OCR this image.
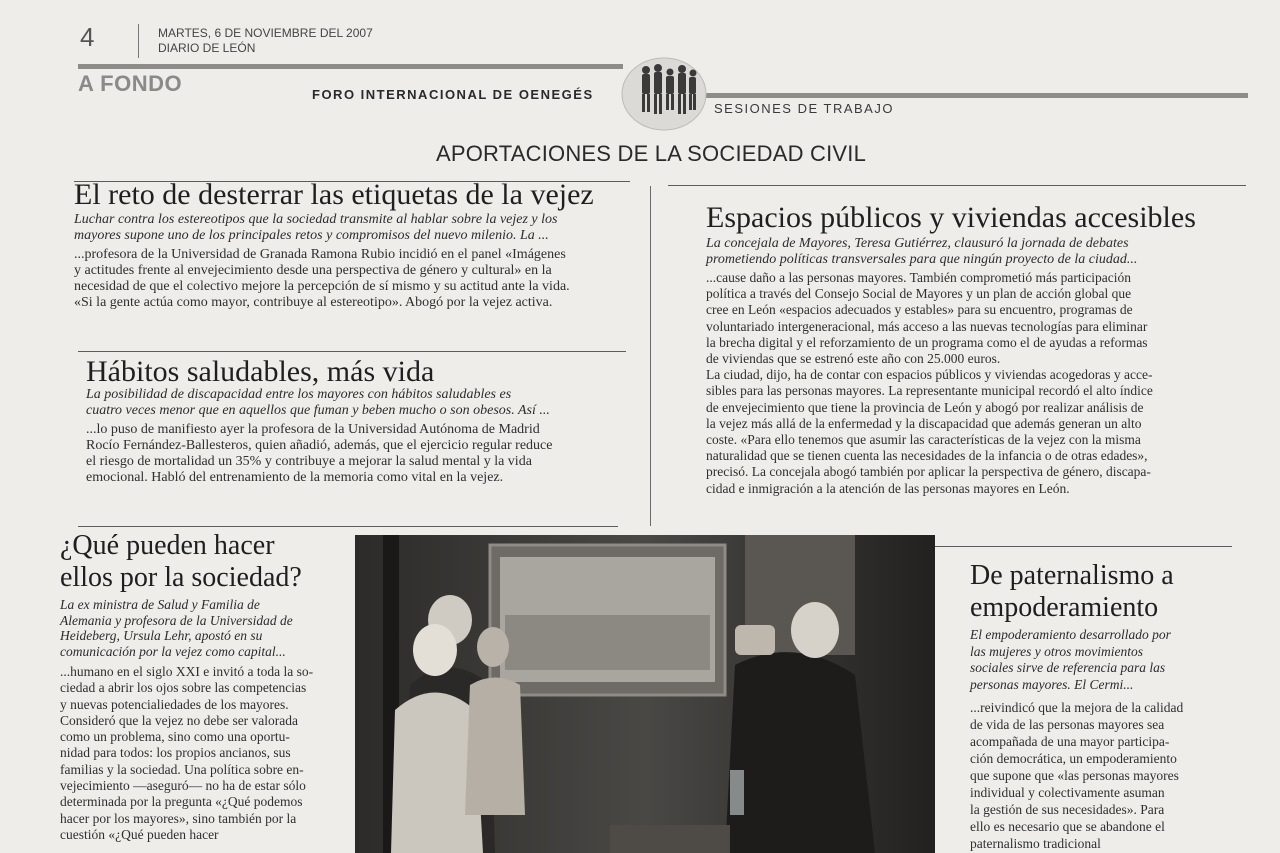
4	MARTES, 6 DE NOVIEMBRE DEL 2007
DIARIO DE LEÓN
A FONDO	FORO INTERNACIONAL DE OENEGÉS
SESIONES DE TRABAJO
APORTACIONES DE LA SOCIEDAD CIVIL
El reto de desterrar las etiquetas de la vejez
Luchar contra los estereotipos que la sociedad transmite al hablar sobre la vejez y los
mayores supone uno de los principales retos y compromisos del nuevo milenio. La ...
...profesora de la Universidad de Granada Ramona Rubio incidió en el panel «Imágenes
y actitudes frente al envejecimiento desde una perspectiva de género y cultural» en la
necesidad de que el colectivo mejore la percepción de sí mismo y su actitud ante la vida.
«Si la gente actúa como mayor, contribuye al estereotipo». Abogó por la vejez activa.
Hábitos saludables, más vida
La posibilidad de discapacidad entre los mayores con hábitos saludables es
cuatro veces menor que en aquellos que fuman y beben mucho o son obesos. Así ...
...lo puso de manifiesto ayer la profesora de la Universidad Autónoma de Madrid
Rocío Fernández-Ballesteros, quien añadió, además, que el ejercicio regular reduce
el riesgo de mortalidad un 35% y contribuye a mejorar la salud mental y la vida
emocional. Habló del entrenamiento de la memoria como vital en la vejez.
Espacios públicos y viviendas accesibles
La concejala de Mayores, Teresa Gutiérrez, clausuró la jornada de debates
prometiendo políticas transversales para que ningún proyecto de la ciudad...
...cause daño a las personas mayores. También comprometió más participación
política a través del Consejo Social de Mayores y un plan de acción global que
cree en León «espacios adecuados y estables» para su encuentro, programas de
voluntariado intergeneracional, más acceso a las nuevas tecnologías para eliminar
la brecha digital y el reforzamiento de un programa como el de ayudas a reformas
de viviendas que se estrenó este año con 25.000 euros.
La ciudad, dijo, ha de contar con espacios públicos y viviendas acogedoras y acce-
sibles para las personas mayores. La representante municipal recordó el alto índice
de envejecimiento que tiene la provincia de León y abogó por realizar análisis de
la vejez más allá de la enfermedad y la discapacidad que además generan un alto
coste. «Para ello tenemos que asumir las características de la vejez con la misma
naturalidad que se tienen cuenta las necesidades de la infancia o de otras edades»,
precisó. La concejala abogó también por aplicar la perspectiva de género, discapa-
cidad e inmigración a la atención de las personas mayores en León.
¿Qué pueden hacer
ellos por la sociedad?
La ex ministra de Salud y Familia de
Alemania y profesora de la Universidad de
Heideberg, Ursula Lehr, apostó en su
comunicación por la vejez como capital...
...humano en el siglo XXI e invitó a toda la so-
ciedad a abrir los ojos sobre las competencias
y nuevas potencialiedades de los mayores.
Consideró que la vejez no debe ser valorada
como un problema, sino como una oportu-
nidad para todos: los propios ancianos, sus
familias y la sociedad. Una política sobre en-
vejecimiento —aseguró— no ha de estar sólo
determinada por la pregunta «¿Qué podemos
hacer por los mayores», sino también por la
cuestión «¿Qué pueden hacer
De paternalismo a
empoderamiento
El empoderamiento desarrollado por
las mujeres y otros movimientos
sociales sirve de referencia para las
personas mayores. El Cermi...
...reivindicó que la mejora de la calidad
de vida de las personas mayores sea
acompañada de una mayor participa-
ción democrática, un empoderamiento
que supone que «las personas mayores
individual y colectivamente asuman
la gestión de sus necesidades». Para
ello es necesario que se abandone el
paternalismo tradicional
